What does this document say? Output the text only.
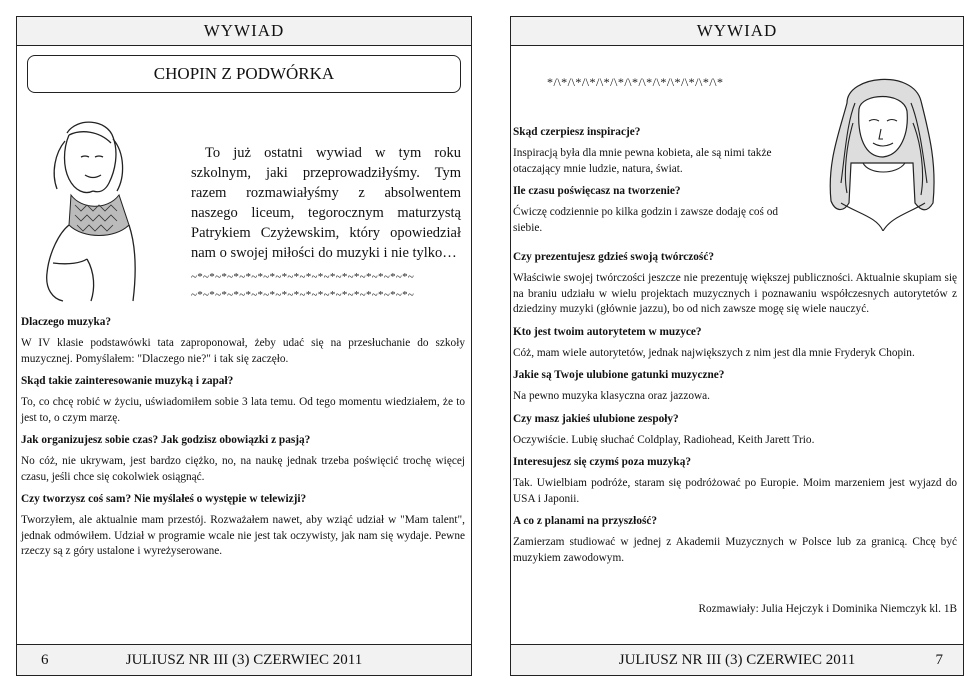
WYWIAD
CHOPIN Z PODWÓRKA
To już ostatni wywiad w tym roku szkolnym, jaki przeprowadziłyśmy. Tym razem rozmawiałyśmy z absolwentem naszego liceum, tegorocznym maturzystą Patrykiem Czyżewskim, który opowiedział nam o swojej miłości do muzyki i nie tylko…
~*~*~*~*~*~*~*~*~*~*~*~*~*~*~*~*~*~*~
~*~*~*~*~*~*~*~*~*~*~*~*~*~*~*~*~*~*~

Dlaczego muzyka?

W IV klasie podstawówki tata zaproponował, żeby udać się na przesłuchanie do szkoły muzycznej. Pomyślałem: "Dlaczego nie?" i tak się zaczęło.

Skąd takie zainteresowanie muzyką i zapał?

To, co chcę robić w życiu, uświadomiłem sobie 3 lata temu. Od tego momentu wiedziałem, że to jest to, o czym marzę.

Jak organizujesz sobie czas? Jak godzisz obowiązki z pasją?

No cóż, nie ukrywam, jest bardzo ciężko, no, na naukę jednak trzeba poświęcić trochę więcej czasu, jeśli chce się cokolwiek osiągnąć.

Czy tworzysz coś sam? Nie myślałeś o występie w telewizji?

Tworzyłem, ale aktualnie mam przestój. Rozważałem nawet, aby wziąć udział w "Mam talent", jednak odmówiłem. Udział w programie wcale nie jest tak oczywisty, jak nam się wydaje. Pewne rzeczy są z góry ustalone i wyreżyserowane.

JULIUSZ NR III (3) CZERWIEC 2011
6
WYWIAD
*/\*/\*/\*/\*/\*/\*/\*/\*/\*/\*/\*/\*

Skąd czerpiesz inspiracje?

Inspiracją była dla mnie pewna kobieta, ale są nimi także otaczający mnie ludzie, natura, świat.

Ile czasu poświęcasz na tworzenie?

Ćwiczę codziennie po kilka godzin i zawsze dodaję coś od siebie.

Czy prezentujesz gdzieś swoją twórczość?

Właściwie swojej twórczości jeszcze nie prezentuję większej publiczności. Aktualnie skupiam się na braniu udziału w wielu projektach muzycznych i poznawaniu współczesnych autorytetów z dziedziny muzyki (głównie jazzu), bo od nich zawsze mogę się wiele nauczyć.

Kto jest twoim autorytetem w muzyce?

Cóż, mam wiele autorytetów, jednak największych z nim jest dla mnie Fryderyk Chopin.

Jakie są Twoje ulubione gatunki muzyczne?

Na pewno muzyka klasyczna oraz jazzowa.

Czy masz jakieś ulubione zespoły?

Oczywiście. Lubię słuchać Coldplay, Radiohead, Keith Jarett Trio.

Interesujesz się czymś poza muzyką?

Tak. Uwielbiam podróże, staram się podróżować po Europie. Moim marzeniem jest wyjazd do USA i Japonii.

A co z planami na przyszłość?

Zamierzam studiować w jednej z Akademii Muzycznych w Polsce lub za granicą. Chcę być muzykiem zawodowym.

Rozmawiały: Julia Hejczyk i Dominika Niemczyk kl. 1B
JULIUSZ NR III (3) CZERWIEC 2011	7
